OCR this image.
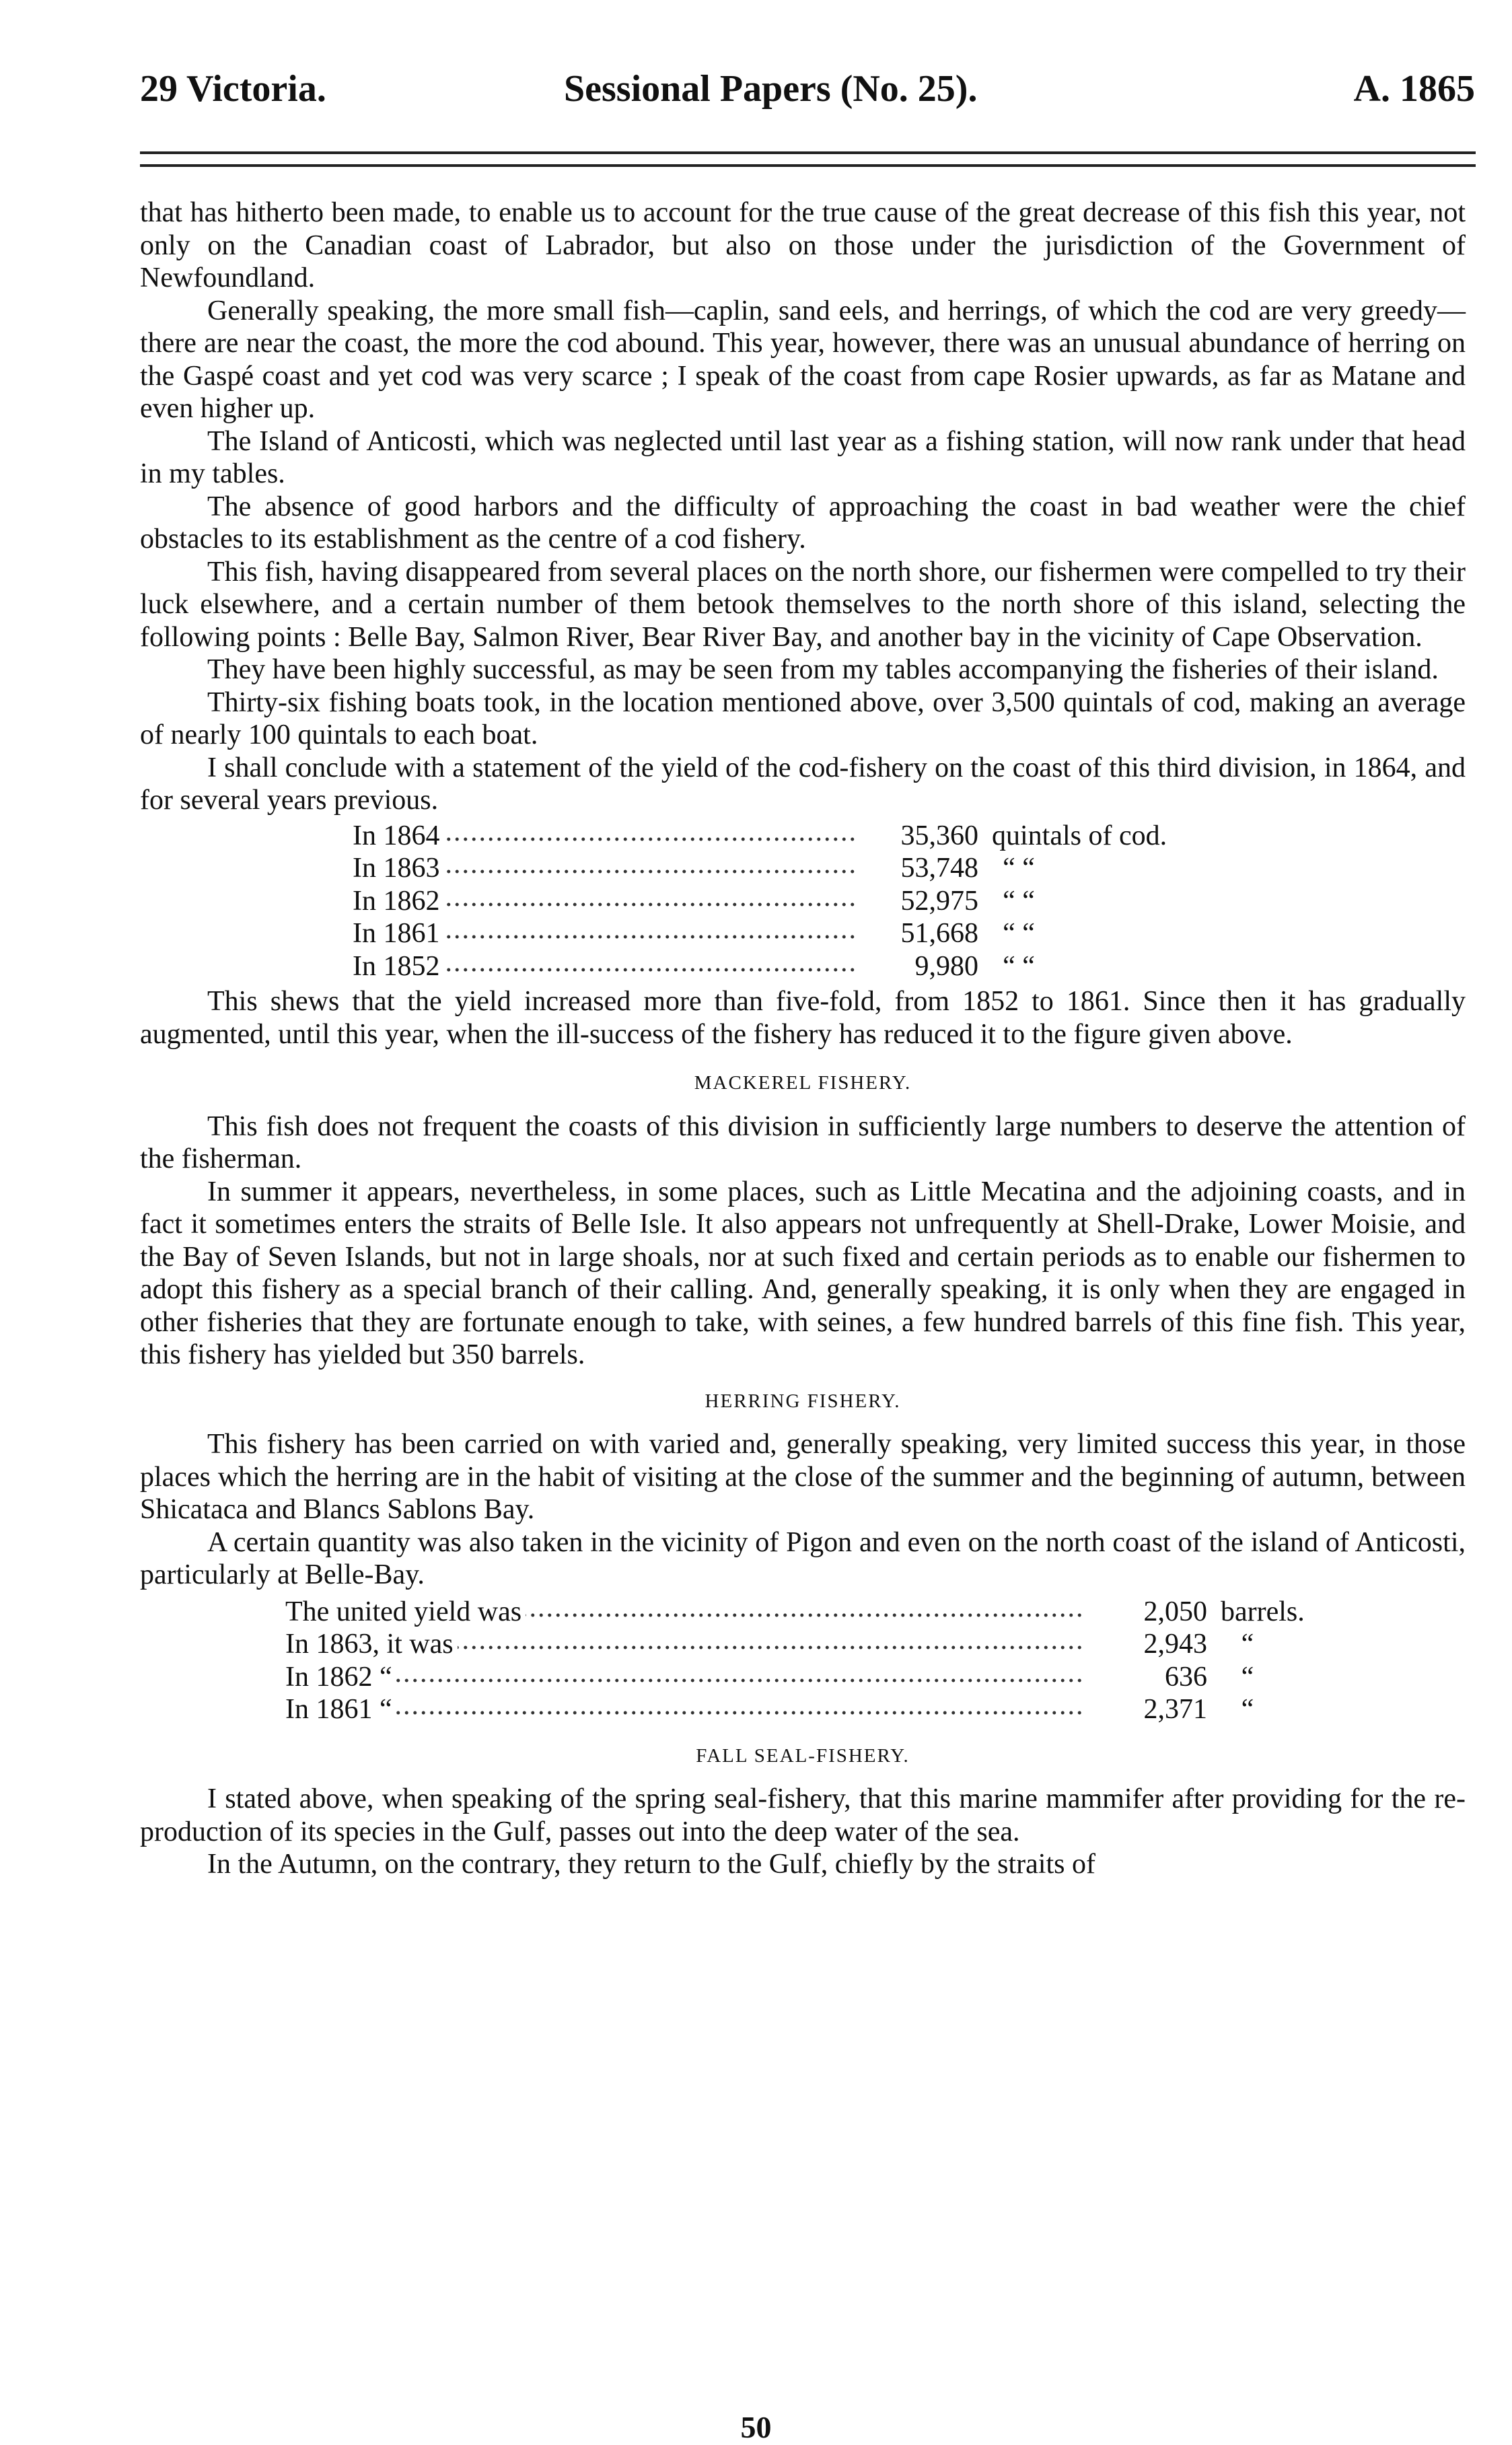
29 Victoria.	Sessional Papers (No. 25).	A. 1865

that has hitherto been made, to enable us to account for the true cause of the great decrease of this fish this year, not only on the Canadian coast of Labrador, but also on those under the jurisdiction of the Government of Newfoundland.

Generally speaking, the more small fish—caplin, sand eels, and herrings, of which the cod are very greedy—there are near the coast, the more the cod abound. This year, however, there was an unusual abundance of herring on the Gaspé coast and yet cod was very scarce ; I speak of the coast from cape Rosier upwards, as far as Matane and even higher up.

The Island of Anticosti, which was neglected until last year as a fishing station, will now rank under that head in my tables.

The absence of good harbors and the difficulty of approaching the coast in bad weather were the chief obstacles to its establishment as the centre of a cod fishery.

This fish, having disappeared from several places on the north shore, our fishermen were compelled to try their luck elsewhere, and a certain number of them betook themselves to the north shore of this island, selecting the following points : Belle Bay, Salmon River, Bear River Bay, and another bay in the vicinity of Cape Observation.

They have been highly successful, as may be seen from my tables accompanying the fisheries of their island.

Thirty-six fishing boats took, in the location mentioned above, over 3,500 quintals of cod, making an average of nearly 100 quintals to each boat.

I shall conclude with a statement of the yield of the cod-fishery on the coast of this third division, in 1864, and for several years previous.

In 1864 .....	35,360	quintals of cod.
In 1863 .....	53,748	“ “
In 1862 .....	52,975	“ “
In 1861 .....	51,668	“ “
In 1852 .....	9,980	“ “

This shews that the yield increased more than five-fold, from 1852 to 1861. Since then it has gradually augmented, until this year, when the ill-success of the fishery has reduced it to the figure given above.

MACKEREL FISHERY.

This fish does not frequent the coasts of this division in sufficiently large numbers to deserve the attention of the fisherman.

In summer it appears, nevertheless, in some places, such as Little Mecatina and the adjoining coasts, and in fact it sometimes enters the straits of Belle Isle. It also appears not unfrequently at Shell-Drake, Lower Moisie, and the Bay of Seven Islands, but not in large shoals, nor at such fixed and certain periods as to enable our fishermen to adopt this fishery as a special branch of their calling. And, generally speaking, it is only when they are engaged in other fisheries that they are fortunate enough to take, with seines, a few hundred barrels of this fine fish. This year, this fishery has yielded but 350 barrels.

HERRING FISHERY.

This fishery has been carried on with varied and, generally speaking, very limited success this year, in those places which the herring are in the habit of visiting at the close of the summer and the beginning of autumn, between Shicataca and Blancs Sablons Bay.

A certain quantity was also taken in the vicinity of Pigon and even on the north coast of the island of Anticosti, particularly at Belle-Bay.

The united yield was .....	2,050	barrels.
In 1863, it was .....	2,943	“
In 1862 “ .....	636	“
In 1861 “ .....	2,371	“
FALL SEAL-FISHERY.

I stated above, when speaking of the spring seal-fishery, that this marine mammifer after providing for the re-production of its species in the Gulf, passes out into the deep water of the sea.

In the Autumn, on the contrary, they return to the Gulf, chiefly by the straits of

50
